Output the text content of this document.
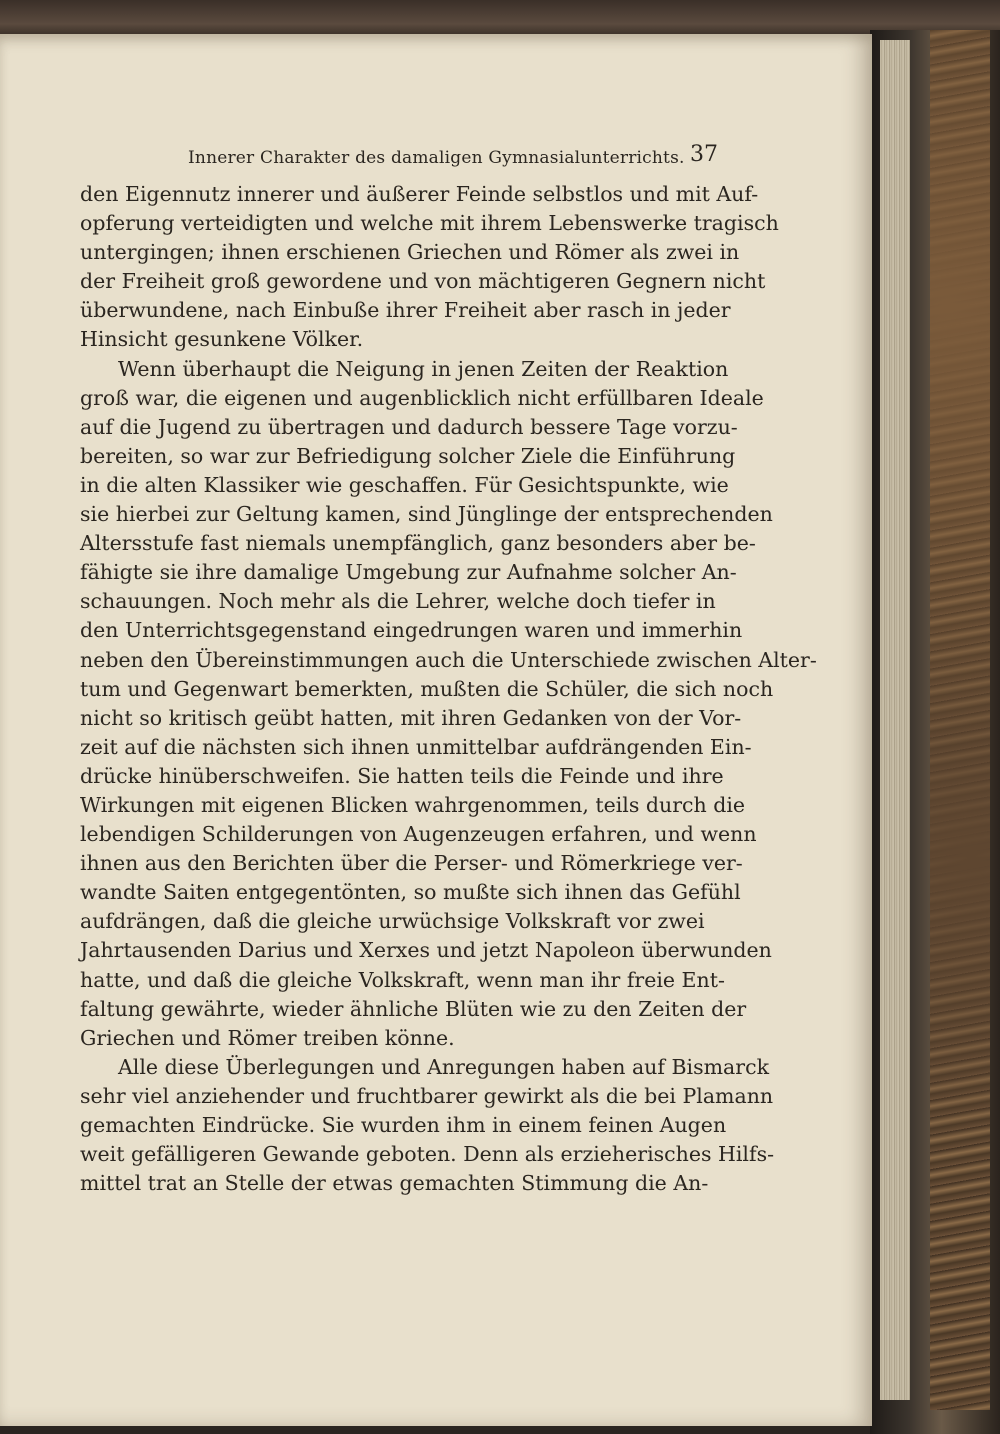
Innerer Charakter des damaligen Gymnasialunterrichts. 37
den Eigennutz innerer und äußerer Feinde selbstlos und mit Auf-
opferung verteidigten und welche mit ihrem Lebenswerke tragisch
untergingen; ihnen erschienen Griechen und Römer als zwei in
der Freiheit groß gewordene und von mächtigeren Gegnern nicht
überwundene, nach Einbuße ihrer Freiheit aber rasch in jeder
Hinsicht gesunkene Völker.
Wenn überhaupt die Neigung in jenen Zeiten der Reaktion
groß war, die eigenen und augenblicklich nicht erfüllbaren Ideale
auf die Jugend zu übertragen und dadurch bessere Tage vorzu-
bereiten, so war zur Befriedigung solcher Ziele die Einführung
in die alten Klassiker wie geschaffen. Für Gesichtspunkte, wie
sie hierbei zur Geltung kamen, sind Jünglinge der entsprechenden
Altersstufe fast niemals unempfänglich, ganz besonders aber be-
fähigte sie ihre damalige Umgebung zur Aufnahme solcher An-
schauungen. Noch mehr als die Lehrer, welche doch tiefer in
den Unterrichtsgegenstand eingedrungen waren und immerhin
neben den Übereinstimmungen auch die Unterschiede zwischen Alter-
tum und Gegenwart bemerkten, mußten die Schüler, die sich noch
nicht so kritisch geübt hatten, mit ihren Gedanken von der Vor-
zeit auf die nächsten sich ihnen unmittelbar aufdrängenden Ein-
drücke hinüberschweifen. Sie hatten teils die Feinde und ihre
Wirkungen mit eigenen Blicken wahrgenommen, teils durch die
lebendigen Schilderungen von Augenzeugen erfahren, und wenn
ihnen aus den Berichten über die Perser- und Römerkriege ver-
wandte Saiten entgegentönten, so mußte sich ihnen das Gefühl
aufdrängen, daß die gleiche urwüchsige Volkskraft vor zwei
Jahrtausenden Darius und Xerxes und jetzt Napoleon überwunden
hatte, und daß die gleiche Volkskraft, wenn man ihr freie Ent-
faltung gewährte, wieder ähnliche Blüten wie zu den Zeiten der
Griechen und Römer treiben könne.
Alle diese Überlegungen und Anregungen haben auf Bismarck
sehr viel anziehender und fruchtbarer gewirkt als die bei Plamann
gemachten Eindrücke. Sie wurden ihm in einem feinen Augen
weit gefälligeren Gewande geboten. Denn als erzieherisches Hilfs-
mittel trat an Stelle der etwas gemachten Stimmung die An-
